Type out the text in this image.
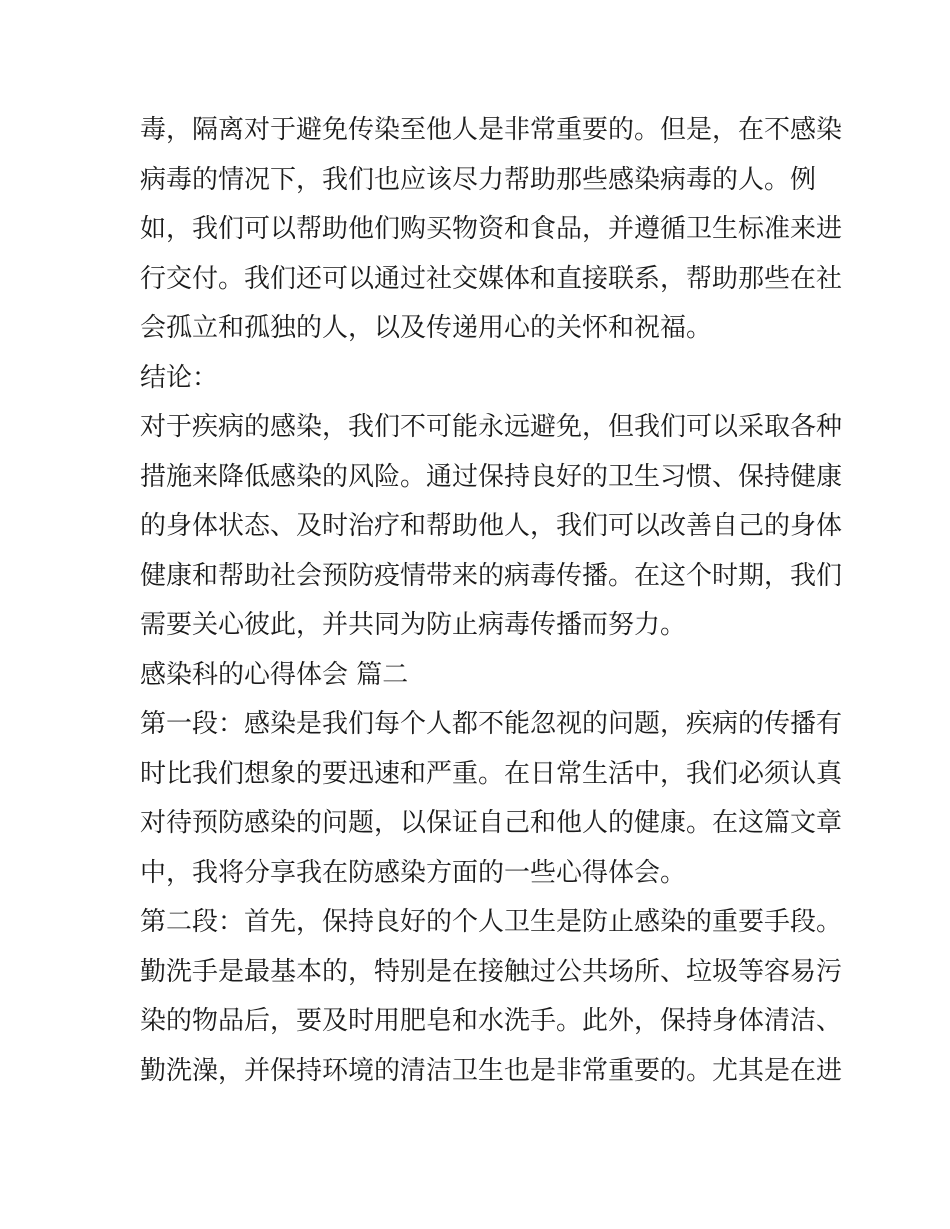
毒，隔离对于避免传染至他人是非常重要的。但是，在不感染
病毒的情况下，我们也应该尽力帮助那些感染病毒的人。例
如，我们可以帮助他们购买物资和食品，并遵循卫生标准来进
行交付。我们还可以通过社交媒体和直接联系，帮助那些在社
会孤立和孤独的人，以及传递用心的关怀和祝福。
结论：
对于疾病的感染，我们不可能永远避免，但我们可以采取各种
措施来降低感染的风险。通过保持良好的卫生习惯、保持健康
的身体状态、及时治疗和帮助他人，我们可以改善自己的身体
健康和帮助社会预防疫情带来的病毒传播。在这个时期，我们
需要关心彼此，并共同为防止病毒传播而努力。
感染科的心得体会 篇二
第一段：感染是我们每个人都不能忽视的问题，疾病的传播有
时比我们想象的要迅速和严重。在日常生活中，我们必须认真
对待预防感染的问题，以保证自己和他人的健康。在这篇文章
中，我将分享我在防感染方面的一些心得体会。
第二段：首先，保持良好的个人卫生是防止感染的重要手段。
勤洗手是最基本的，特别是在接触过公共场所、垃圾等容易污
染的物品后，要及时用肥皂和水洗手。此外，保持身体清洁、
勤洗澡，并保持环境的清洁卫生也是非常重要的。尤其是在进
